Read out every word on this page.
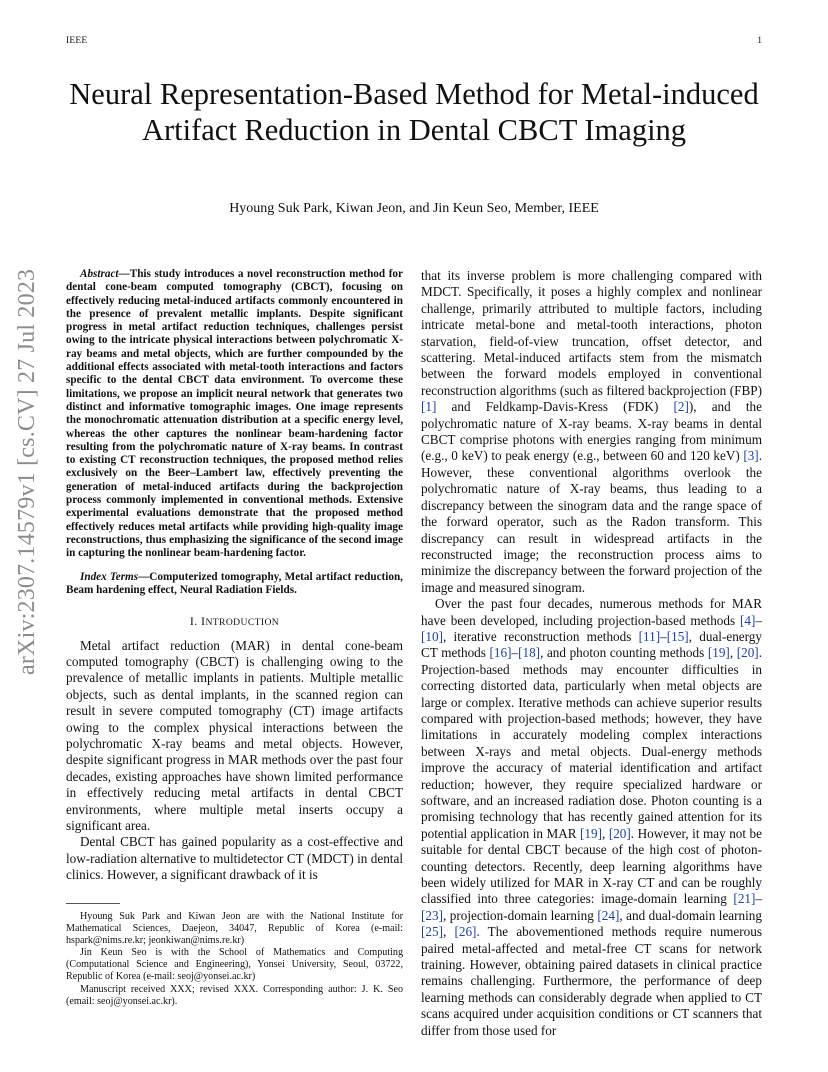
IEEE	1
arXiv:2307.14579v1 [cs.CV] 27 Jul 2023
Neural Representation-Based Method for Metal-induced Artifact Reduction in Dental CBCT Imaging
Hyoung Suk Park, Kiwan Jeon, and Jin Keun Seo, Member, IEEE

Abstract—This study introduces a novel reconstruction method for dental cone-beam computed tomography (CBCT), focusing on effectively reducing metal-induced artifacts commonly encountered in the presence of prevalent metallic implants. Despite significant progress in metal artifact reduction techniques, challenges persist owing to the intricate physical interactions between polychromatic X-ray beams and metal objects, which are further compounded by the additional effects associated with metal-tooth interactions and factors specific to the dental CBCT data environment. To overcome these limitations, we propose an implicit neural network that generates two distinct and informative tomographic images. One image represents the monochromatic attenuation distribution at a specific energy level, whereas the other captures the nonlinear beam-hardening factor resulting from the polychromatic nature of X-ray beams. In contrast to existing CT reconstruction techniques, the proposed method relies exclusively on the Beer–Lambert law, effectively preventing the generation of metal-induced artifacts during the backprojection process commonly implemented in conventional methods. Extensive experimental evaluations demonstrate that the proposed method effectively reduces metal artifacts while providing high-quality image reconstructions, thus emphasizing the significance of the second image in capturing the nonlinear beam-hardening factor.

Index Terms—Computerized tomography, Metal artifact reduction, Beam hardening effect, Neural Radiation Fields.

I. INTRODUCTION

Metal artifact reduction (MAR) in dental cone-beam computed tomography (CBCT) is challenging owing to the prevalence of metallic implants in patients. Multiple metallic objects, such as dental implants, in the scanned region can result in severe computed tomography (CT) image artifacts owing to the complex physical interactions between the polychromatic X-ray beams and metal objects. However, despite significant progress in MAR methods over the past four decades, existing approaches have shown limited performance in effectively reducing metal artifacts in dental CBCT environments, where multiple metal inserts occupy a significant area.

Dental CBCT has gained popularity as a cost-effective and low-radiation alternative to multidetector CT (MDCT) in dental clinics. However, a significant drawback of it is

Hyoung Suk Park and Kiwan Jeon are with the National Institute for Mathematical Sciences, Daejeon, 34047, Republic of Korea (e-mail: hspark@nims.re.kr; jeonkiwan@nims.re.kr)

Jin Keun Seo is with the School of Mathematics and Computing (Computational Science and Engineering), Yonsei University, Seoul, 03722, Republic of Korea (e-mail: seoj@yonsei.ac.kr)

Manuscript received XXX; revised XXX. Corresponding author: J. K. Seo (email: seoj@yonsei.ac.kr).

that its inverse problem is more challenging compared with MDCT. Specifically, it poses a highly complex and nonlinear challenge, primarily attributed to multiple factors, including intricate metal-bone and metal-tooth interactions, photon starvation, field-of-view truncation, offset detector, and scattering. Metal-induced artifacts stem from the mismatch between the forward models employed in conventional reconstruction algorithms (such as filtered backprojection (FBP) [1] and Feldkamp-Davis-Kress (FDK) [2]), and the polychromatic nature of X-ray beams. X-ray beams in dental CBCT comprise photons with energies ranging from minimum (e.g., 0 keV) to peak energy (e.g., between 60 and 120 keV) [3]. However, these conventional algorithms overlook the polychromatic nature of X-ray beams, thus leading to a discrepancy between the sinogram data and the range space of the forward operator, such as the Radon transform. This discrepancy can result in widespread artifacts in the reconstructed image; the reconstruction process aims to minimize the discrepancy between the forward projection of the image and measured sinogram.

Over the past four decades, numerous methods for MAR have been developed, including projection-based methods [4]–[10], iterative reconstruction methods [11]–[15], dual-energy CT methods [16]–[18], and photon counting methods [19], [20]. Projection-based methods may encounter difficulties in correcting distorted data, particularly when metal objects are large or complex. Iterative methods can achieve superior results compared with projection-based methods; however, they have limitations in accurately modeling complex interactions between X-rays and metal objects. Dual-energy methods improve the accuracy of material identification and artifact reduction; however, they require specialized hardware or software, and an increased radiation dose. Photon counting is a promising technology that has recently gained attention for its potential application in MAR [19], [20]. However, it may not be suitable for dental CBCT because of the high cost of photon-counting detectors. Recently, deep learning algorithms have been widely utilized for MAR in X-ray CT and can be roughly classified into three categories: image-domain learning [21]–[23], projection-domain learning [24], and dual-domain learning [25], [26]. The abovementioned methods require numerous paired metal-affected and metal-free CT scans for network training. However, obtaining paired datasets in clinical practice remains challenging. Furthermore, the performance of deep learning methods can considerably degrade when applied to CT scans acquired under acquisition conditions or CT scanners that differ from those used for
